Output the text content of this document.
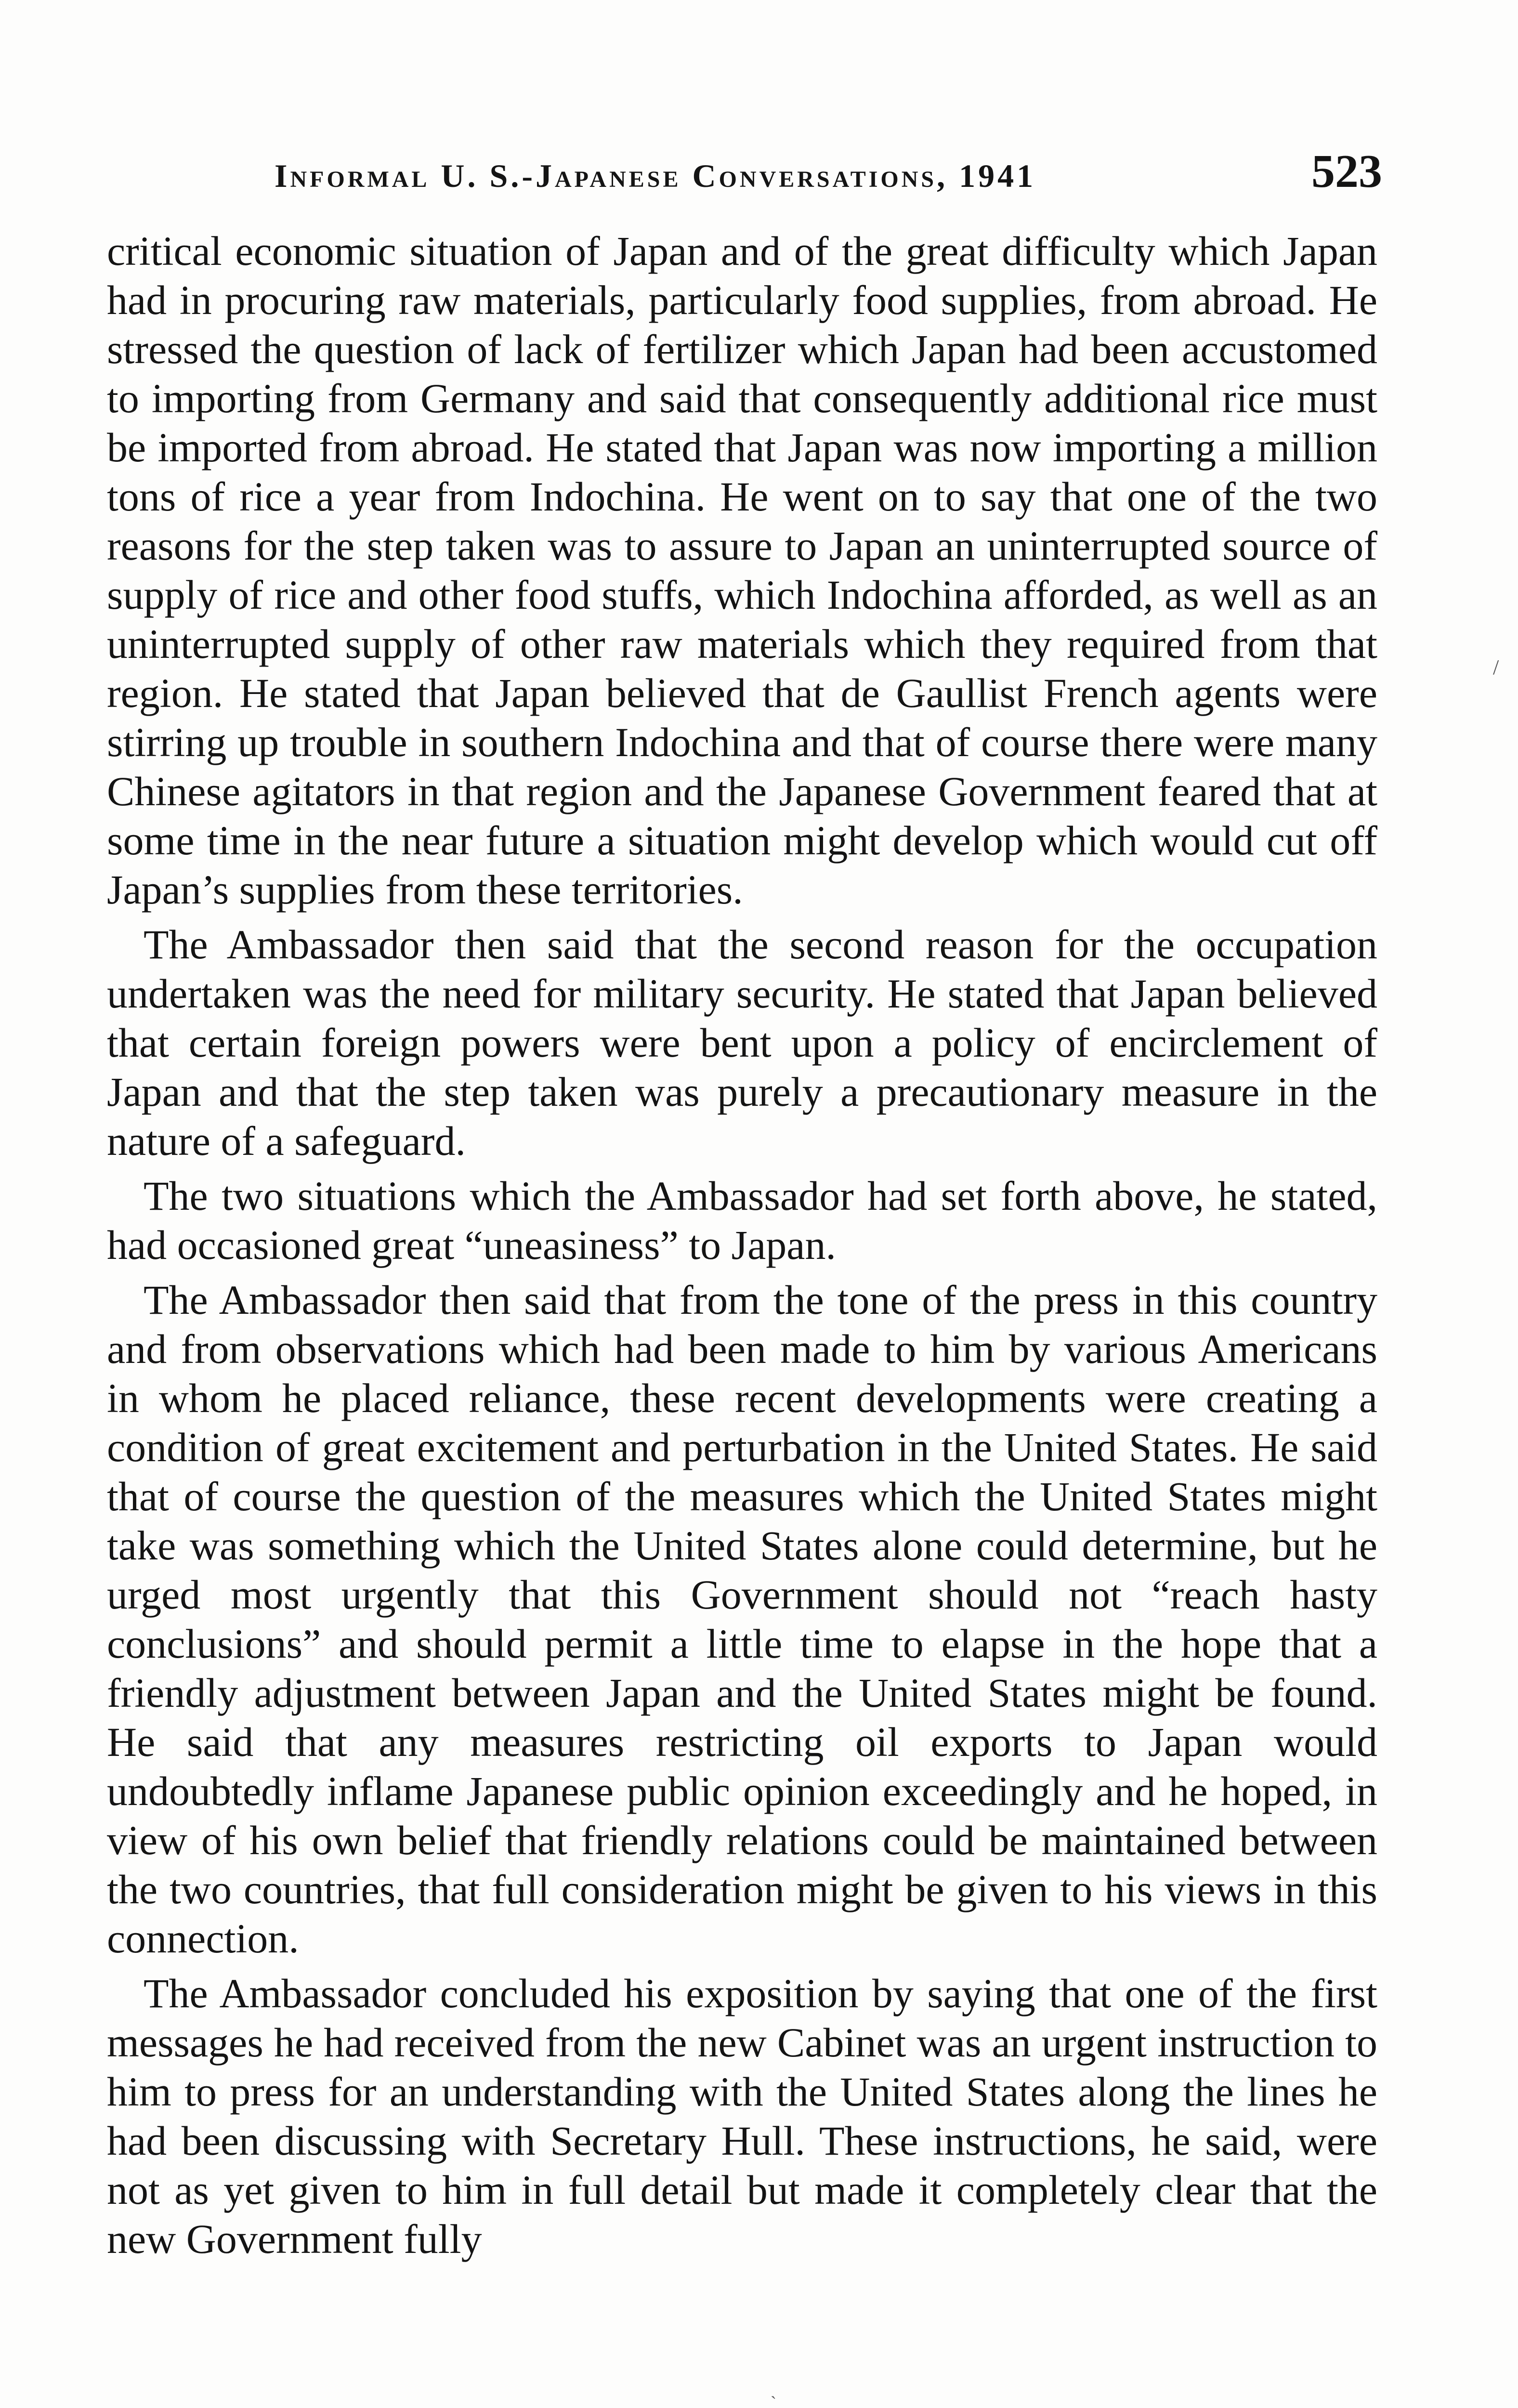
Informal U. S.-Japanese Conversations, 1941	523

critical economic situation of Japan and of the great difficulty which Japan had in procuring raw materials, particularly food supplies, from abroad. He stressed the question of lack of fertilizer which Japan had been accustomed to importing from Germany and said that consequently additional rice must be imported from abroad. He stated that Japan was now importing a million tons of rice a year from Indochina. He went on to say that one of the two reasons for the step taken was to assure to Japan an uninterrupted source of supply of rice and other food stuffs, which Indochina afforded, as well as an uninterrupted supply of other raw materials which they required from that region. He stated that Japan believed that de Gaullist French agents were stirring up trouble in southern Indochina and that of course there were many Chinese agitators in that region and the Japanese Government feared that at some time in the near future a situation might develop which would cut off Japan’s supplies from these territories.

The Ambassador then said that the second reason for the occupation undertaken was the need for military security. He stated that Japan believed that certain foreign powers were bent upon a policy of encirclement of Japan and that the step taken was purely a precautionary measure in the nature of a safeguard.

The two situations which the Ambassador had set forth above, he stated, had occasioned great “uneasiness” to Japan.

The Ambassador then said that from the tone of the press in this country and from observations which had been made to him by various Americans in whom he placed reliance, these recent developments were creating a condition of great excitement and perturbation in the United States. He said that of course the question of the measures which the United States might take was something which the United States alone could determine, but he urged most urgently that this Government should not “reach hasty conclusions” and should permit a little time to elapse in the hope that a friendly adjustment between Japan and the United States might be found. He said that any measures restricting oil exports to Japan would undoubtedly inflame Japanese public opinion exceedingly and he hoped, in view of his own belief that friendly relations could be maintained between the two countries, that full consideration might be given to his views in this connection.

The Ambassador concluded his exposition by saying that one of the first messages he had received from the new Cabinet was an urgent instruction to him to press for an understanding with the United States along the lines he had been discussing with Secretary Hull. These instructions, he said, were not as yet given to him in full detail but made it completely clear that the new Government fully

/
ˎ
